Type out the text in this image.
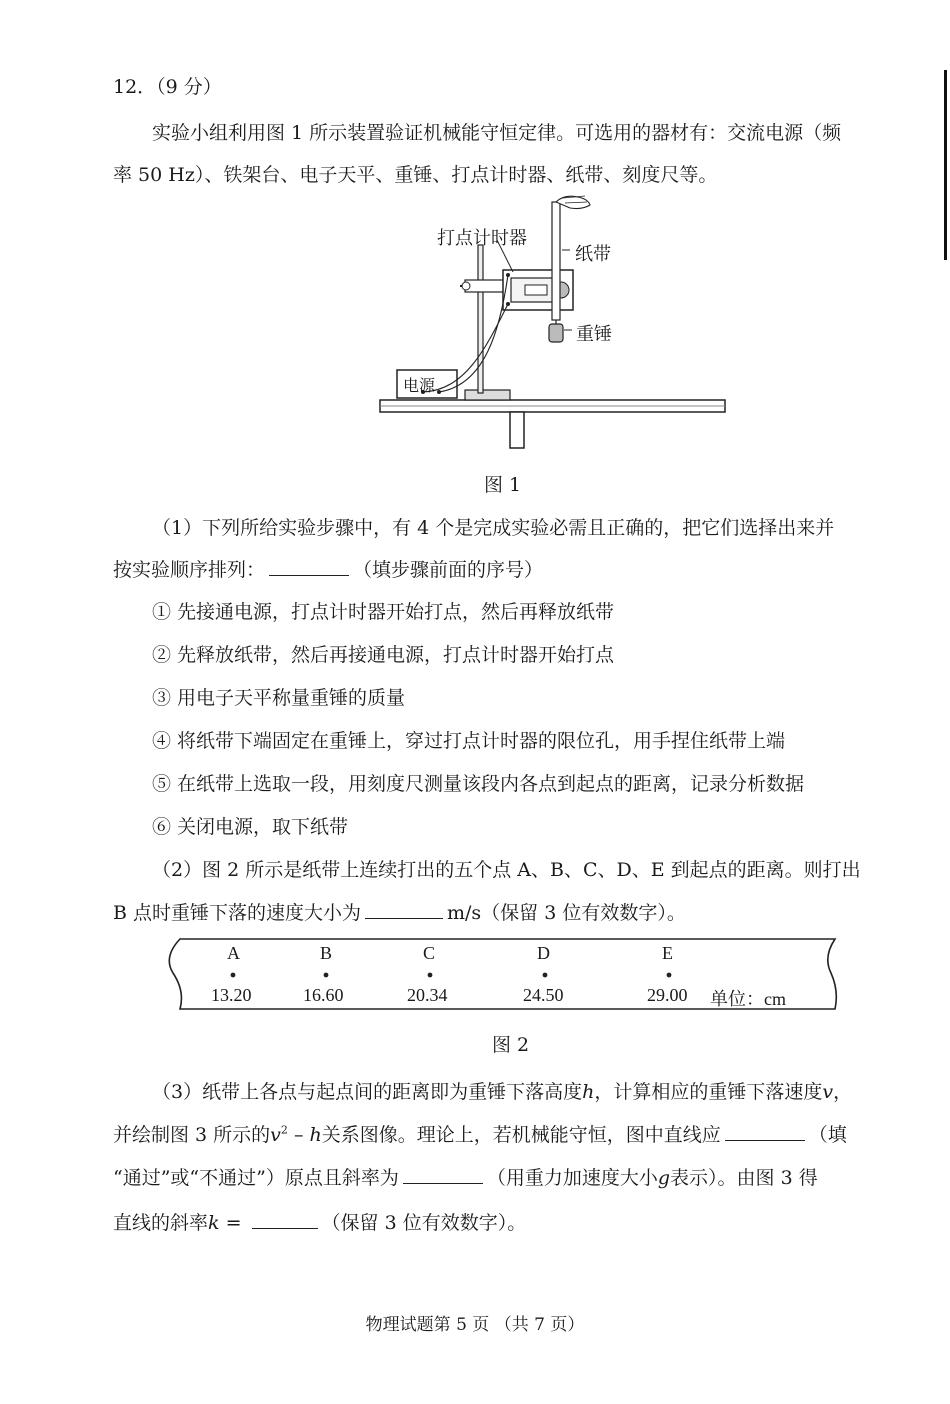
12．（9 分）
实验小组利用图 1 所示装置验证机械能守恒定律。可选用的器材有：交流电源（频
率 50 Hz）、铁架台、电子天平、重锤、打点计时器、纸带、刻度尺等。
打点计时器
纸带
重锤
电源
图 1
（1）下列所给实验步骤中，有 4 个是完成实验必需且正确的，把它们选择出来并
按实验顺序排列：	（填步骤前面的序号）
① 先接通电源，打点计时器开始打点，然后再释放纸带
② 先释放纸带，然后再接通电源，打点计时器开始打点
③ 用电子天平称量重锤的质量
④ 将纸带下端固定在重锤上，穿过打点计时器的限位孔，用手捏住纸带上端
⑤ 在纸带上选取一段，用刻度尺测量该段内各点到起点的距离，记录分析数据
⑥ 关闭电源，取下纸带
（2）图 2 所示是纸带上连续打出的五个点 A、B、C、D、E 到起点的距离。则打出
B 点时重锤下落的速度大小为	m/s（保留 3 位有效数字）。
A	B	C	D	E
13.20	16.60	20.34	24.50	29.00 单位：cm
图 2
（3）纸带上各点与起点间的距离即为重锤下落高度h，计算相应的重锤下落速度v，
并绘制图 3 所示的$v^2$ – h关系图像。理论上，若机械能守恒，图中直线应	（填
“通过”或“不通过”）原点且斜率为	（用重力加速度大小g表示）。由图 3 得
直线的斜率k =	（保留 3 位有效数字）。
物理试题第 5 页 （共 7 页）
